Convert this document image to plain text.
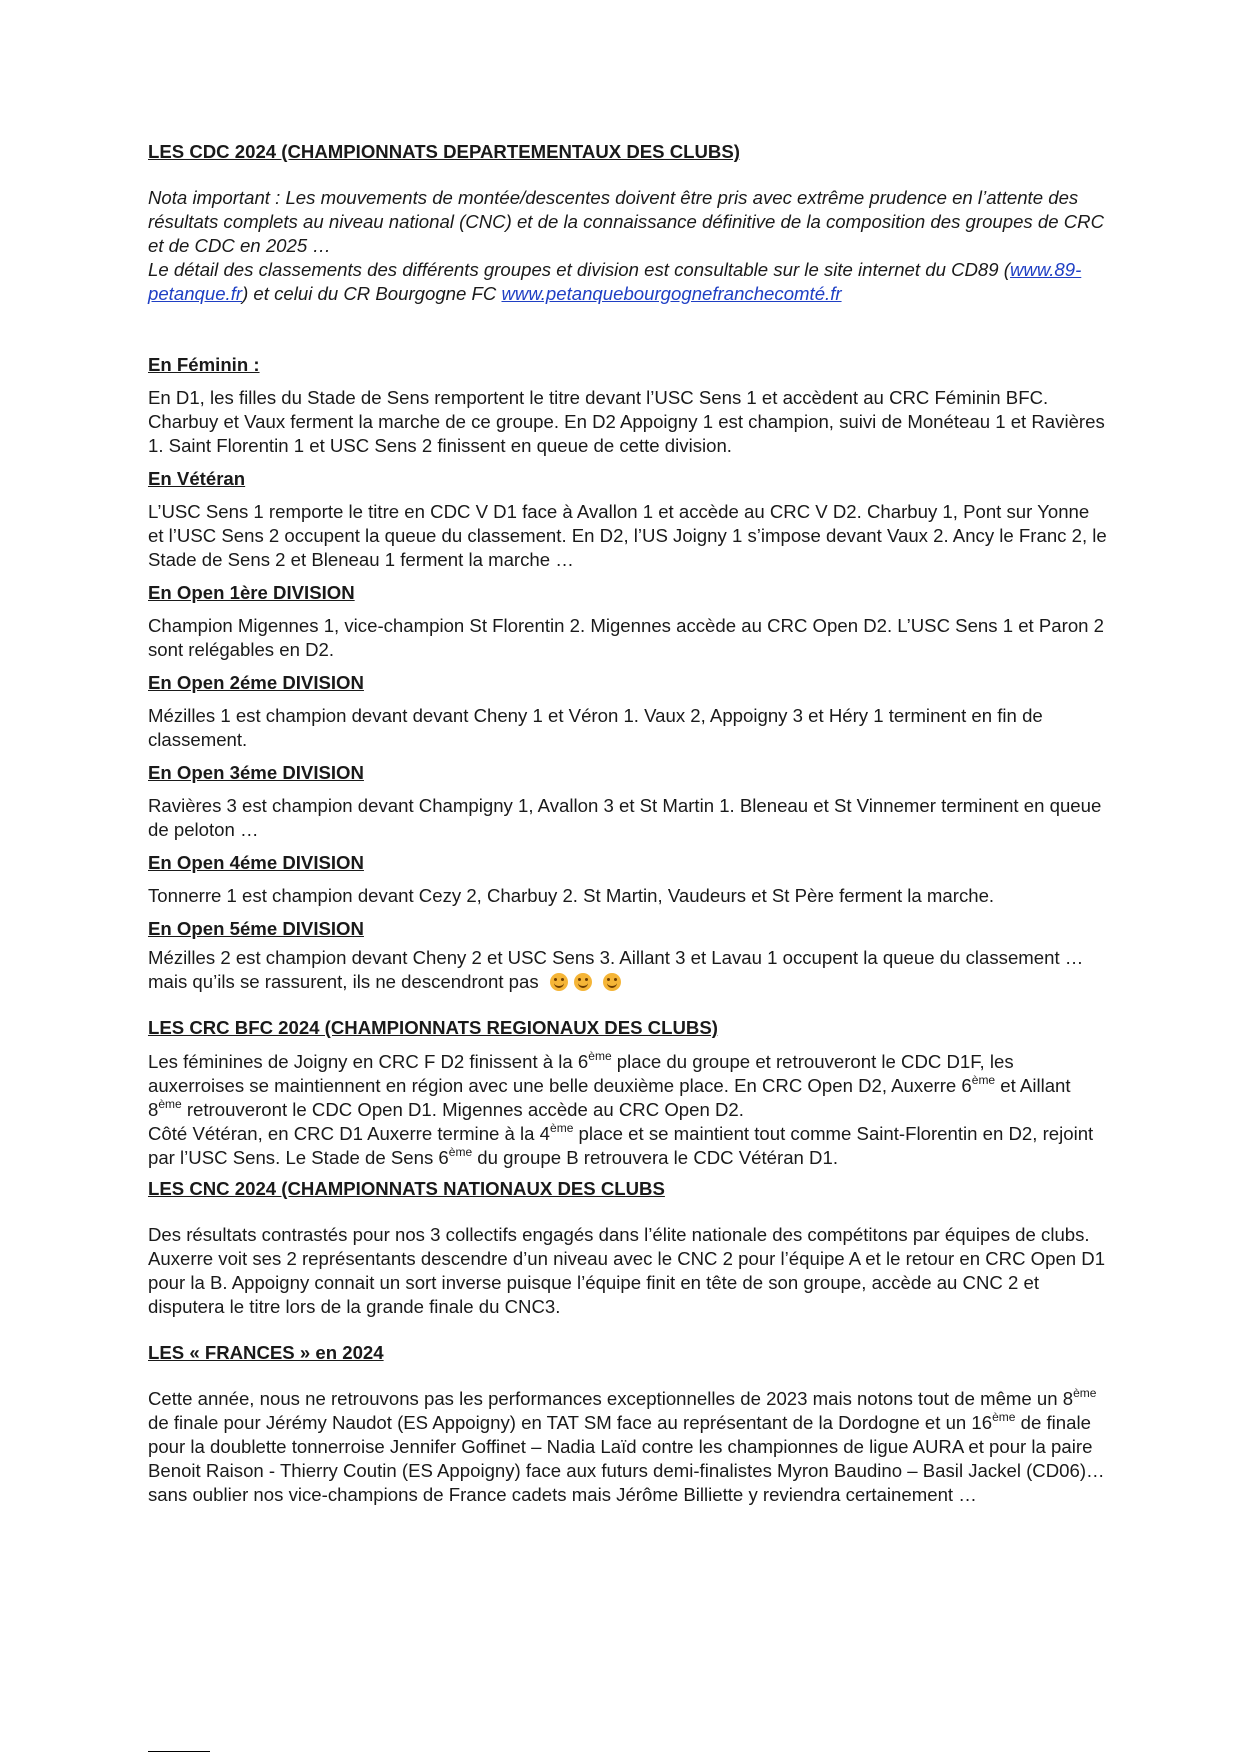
LES CDC 2024 (CHAMPIONNATS DEPARTEMENTAUX DES CLUBS)

Nota important : Les mouvements de montée/descentes doivent être pris avec extrême prudence en l’attente des résultats complets au niveau national (CNC) et de la connaissance définitive de la composition des groupes de CRC et de CDC en 2025 …
Le détail des classements des différents groupes et division est consultable sur le site internet du CD89 (www.89-petanque.fr) et celui du CR Bourgogne FC www.petanquebourgognefranchecomté.fr

En Féminin :

En D1, les filles du Stade de Sens remportent le titre devant l’USC Sens 1 et accèdent au CRC Féminin BFC. Charbuy et Vaux ferment la marche de ce groupe. En D2 Appoigny 1 est champion, suivi de Monéteau 1 et Ravières 1. Saint Florentin 1 et USC Sens 2 finissent en queue de cette division.

En Vétéran

L’USC Sens 1 remporte le titre en CDC V D1 face à Avallon 1 et accède au CRC V D2. Charbuy 1, Pont sur Yonne et l’USC Sens 2 occupent la queue du classement. En D2, l’US Joigny 1 s’impose devant Vaux 2. Ancy le Franc 2, le Stade de Sens 2 et Bleneau 1 ferment la marche …

En Open 1ère DIVISION

Champion Migennes 1, vice-champion St Florentin 2. Migennes accède au CRC Open D2. L’USC Sens 1 et Paron 2 sont relégables en D2.

En Open 2éme DIVISION

Mézilles 1 est champion devant devant Cheny 1 et Véron 1. Vaux 2, Appoigny 3 et Héry 1 terminent en fin de classement.

En Open 3éme DIVISION

Ravières 3 est champion devant Champigny 1, Avallon 3 et St Martin 1. Bleneau et St Vinnemer terminent en queue de peloton …

En Open 4éme DIVISION

Tonnerre 1 est champion devant Cezy 2, Charbuy 2. St Martin, Vaudeurs et St Père ferment la marche.

En Open 5éme DIVISION

Mézilles 2 est champion devant Cheny 2 et USC Sens 3. Aillant 3 et Lavau 1 occupent la queue du classement … mais qu’ils se rassurent, ils ne descendront pas

LES CRC BFC 2024 (CHAMPIONNATS REGIONAUX DES CLUBS)

Les féminines de Joigny en CRC F D2 finissent à la 6ème place du groupe et retrouveront le CDC D1F, les auxerroises se maintiennent en région avec une belle deuxième place. En CRC Open D2, Auxerre 6ème et Aillant 8ème retrouveront le CDC Open D1. Migennes accède au CRC Open D2.
Côté Vétéran, en CRC D1 Auxerre termine à la 4ème place et se maintient tout comme Saint-Florentin en D2, rejoint par l’USC Sens. Le Stade de Sens 6ème du groupe B retrouvera le CDC Vétéran D1.

LES CNC 2024 (CHAMPIONNATS NATIONAUX DES CLUBS

Des résultats contrastés pour nos 3 collectifs engagés dans l’élite nationale des compétitons par équipes de clubs.
Auxerre voit ses 2 représentants descendre d’un niveau avec le CNC 2 pour l’équipe A et le retour en CRC Open D1 pour la B. Appoigny connait un sort inverse puisque l’équipe finit en tête de son groupe, accède au CNC 2 et disputera le titre lors de la grande finale du CNC3.

LES « FRANCES » en 2024

Cette année, nous ne retrouvons pas les performances exceptionnelles de 2023 mais notons tout de même un 8ème de finale pour Jérémy Naudot (ES Appoigny) en TAT SM face au représentant de la Dordogne et un 16ème de finale pour la doublette tonnerroise Jennifer Goffinet – Nadia Laïd contre les championnes de ligue AURA et pour la paire Benoit Raison - Thierry Coutin (ES Appoigny) face aux futurs demi-finalistes Myron Baudino – Basil Jackel (CD06)… sans oublier nos vice-champions de France cadets mais Jérôme Billiette y reviendra certainement …
